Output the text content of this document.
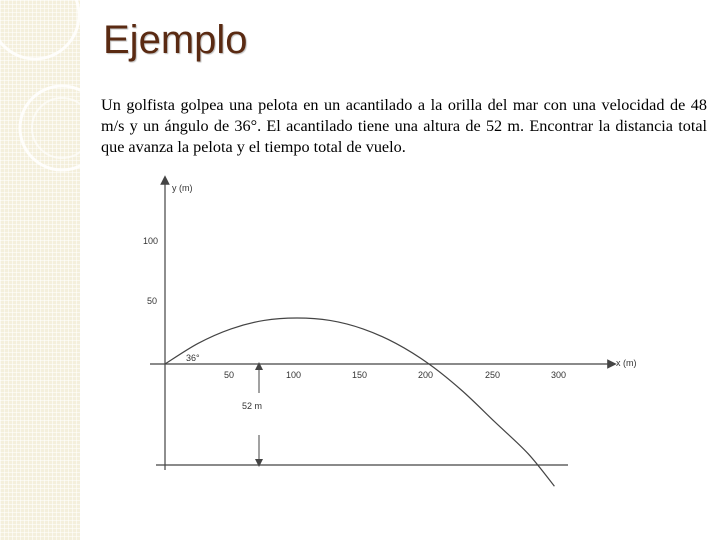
Ejemplo
Un golfista golpea una pelota en un acantilado a la orilla del mar con una velocidad de 48 m/s y un ángulo de 36°. El acantilado tiene una altura de 52 m. Encontrar la distancia total que avanza la pelota y el tiempo total de vuelo.
52 m
y (m)
x (m)
36°
100
50
50	100	150	200	250	300
